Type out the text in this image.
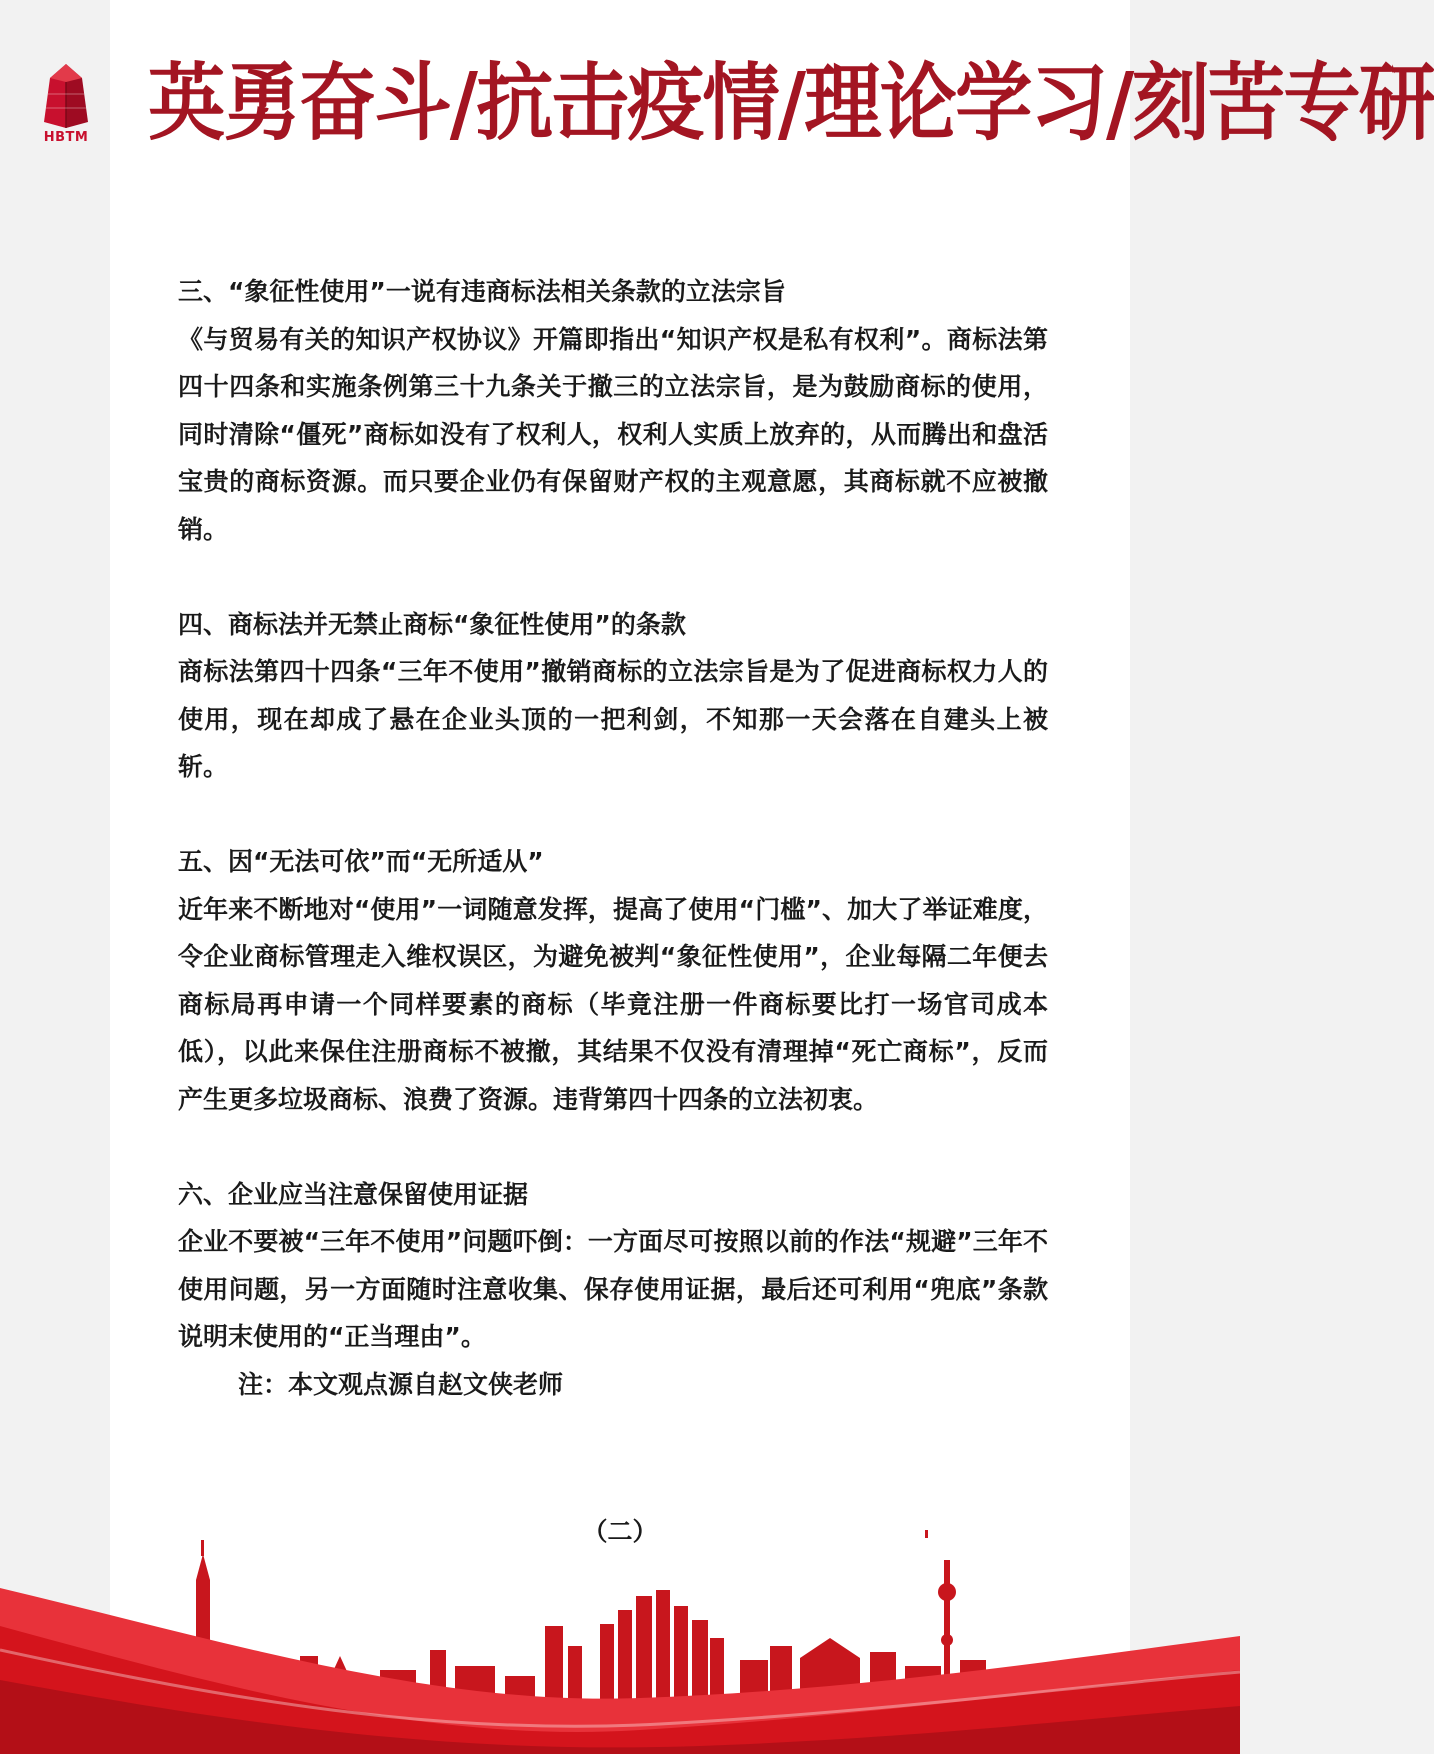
HBTM 英勇奋斗/抗击疫情/理论学习/刻苦专研
三、“象征性使用”一说有违商标法相关条款的立法宗旨
《与贸易有关的知识产权协议》开篇即指出“知识产权是私有权利”。商标法第四十四条和实施条例第三十九条关于撤三的立法宗旨，是为鼓励商标的使用，同时清除“僵死”商标如没有了权利人，权利人实质上放弃的，从而腾出和盘活宝贵的商标资源。而只要企业仍有保留财产权的主观意愿，其商标就不应被撤销。
四、商标法并无禁止商标“象征性使用”的条款
商标法第四十四条“三年不使用”撤销商标的立法宗旨是为了促进商标权力人的使用，现在却成了悬在企业头顶的一把利剑，不知那一天会落在自建头上被斩。
五、因“无法可依”而“无所适从”
近年来不断地对“使用”一词随意发挥，提高了使用“门槛”、加大了举证难度，令企业商标管理走入维权误区，为避免被判“象征性使用”，企业每隔二年便去商标局再申请一个同样要素的商标（毕竟注册一件商标要比打一场官司成本低），以此来保住注册商标不被撤，其结果不仅没有清理掉“死亡商标”，反而产生更多垃圾商标、浪费了资源。违背第四十四条的立法初衷。
六、企业应当注意保留使用证据
企业不要被“三年不使用”问题吓倒：一方面尽可按照以前的作法“规避”三年不使用问题，另一方面随时注意收集、保存使用证据，最后还可利用“兜底”条款说明末使用的“正当理由”。
注：本文观点源自赵文侠老师
（二）
